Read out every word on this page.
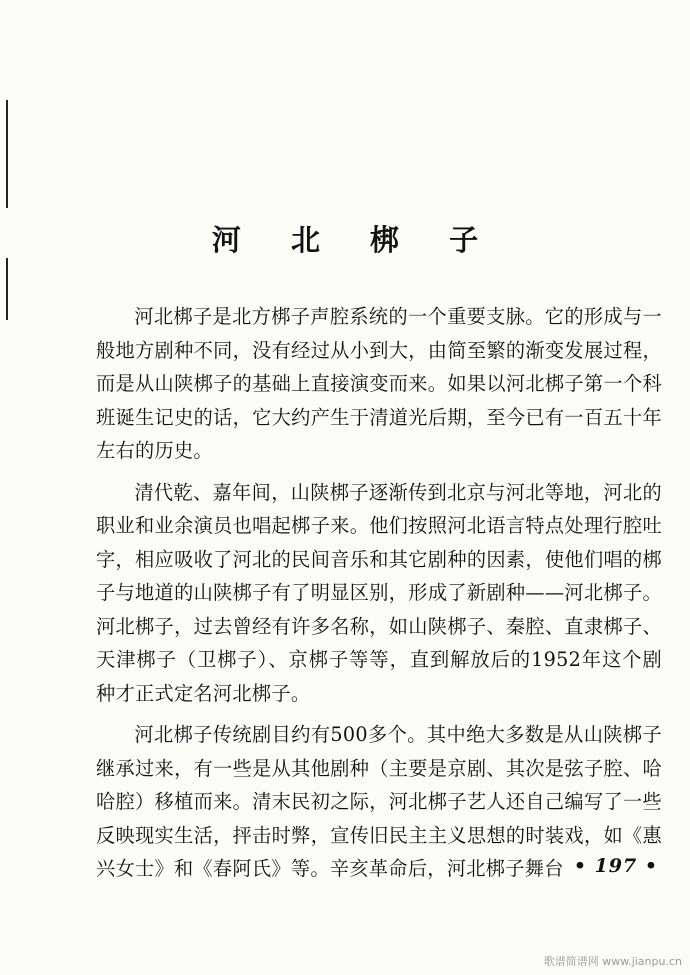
河 北 梆 子

河北梆子是北方梆子声腔系统的一个重要支脉。它的形成与一般地方剧种不同，没有经过从小到大，由简至繁的渐变发展过程，而是从山陕梆子的基础上直接演变而来。如果以河北梆子第一个科班诞生记史的话，它大约产生于清道光后期，至今已有一百五十年左右的历史。

清代乾、嘉年间，山陕梆子逐渐传到北京与河北等地，河北的职业和业余演员也唱起梆子来。他们按照河北语言特点处理行腔吐字，相应吸收了河北的民间音乐和其它剧种的因素，使他们唱的梆子与地道的山陕梆子有了明显区别，形成了新剧种——河北梆子。河北梆子，过去曾经有许多名称，如山陕梆子、秦腔、直隶梆子、天津梆子（卫梆子）、京梆子等等，直到解放后的1952年这个剧种才正式定名河北梆子。

河北梆子传统剧目约有500多个。其中绝大多数是从山陕梆子继承过来，有一些是从其他剧种（主要是京剧、其次是弦子腔、哈哈腔）移植而来。清末民初之际，河北梆子艺人还自己编写了一些反映现实生活，抨击时弊，宣传旧民主主义思想的时装戏，如《惠兴女士》和《春阿氏》等。辛亥革命后，河北梆子舞台 • 197 •
歌谱简谱网 www.jianpu.cn
